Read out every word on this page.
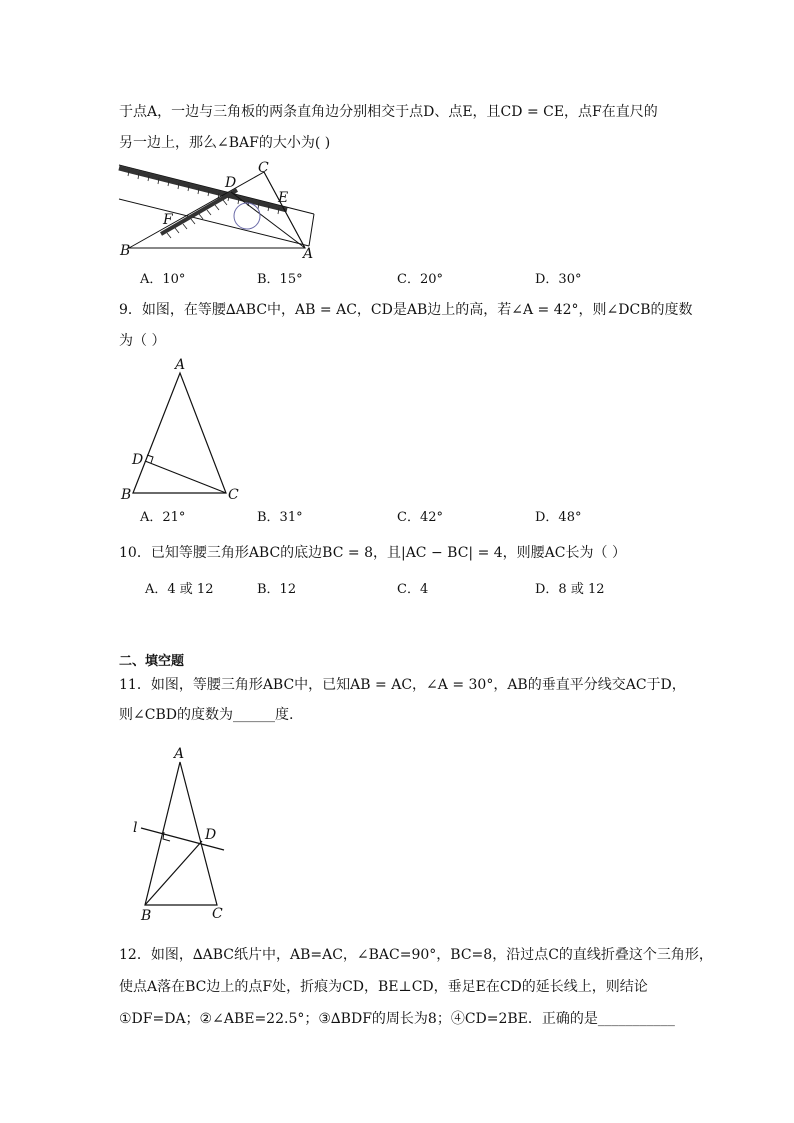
于点A，一边与三角板的两条直角边分别相交于点D、点E，且CD = CE，点F在直尺的
另一边上，那么∠BAF的大小为( )
C
D
E
F
B	A
A．10°	B．15°	C．20°	D．30°
9．如图，在等腰∆ABC中，AB = AC，CD是AB边上的高，若∠A = 42°，则∠DCB的度数
为（ ）
A
D
B	C
A．21°	B．31°	C．42°	D．48°
10．已知等腰三角形ABC的底边BC = 8，且|AC − BC| = 4，则腰AC长为（ ）
A．4 或 12	B．12	C．4	D．8 或 12
二、填空题
11．如图，等腰三角形ABC中，已知AB = AC，∠A = 30°，AB的垂直平分线交AC于D，
则∠CBD的度数为______度.
A
l	D
B	C
12．如图，∆ABC纸片中，AB=AC，∠BAC=90°，BC=8，沿过点C的直线折叠这个三角形，
使点A落在BC边上的点F处，折痕为CD，BE⊥CD，垂足E在CD的延长线上，则结论
①DF=DA；②∠ABE=22.5°；③∆BDF的周长为8；④CD=2BE．正确的是___________
